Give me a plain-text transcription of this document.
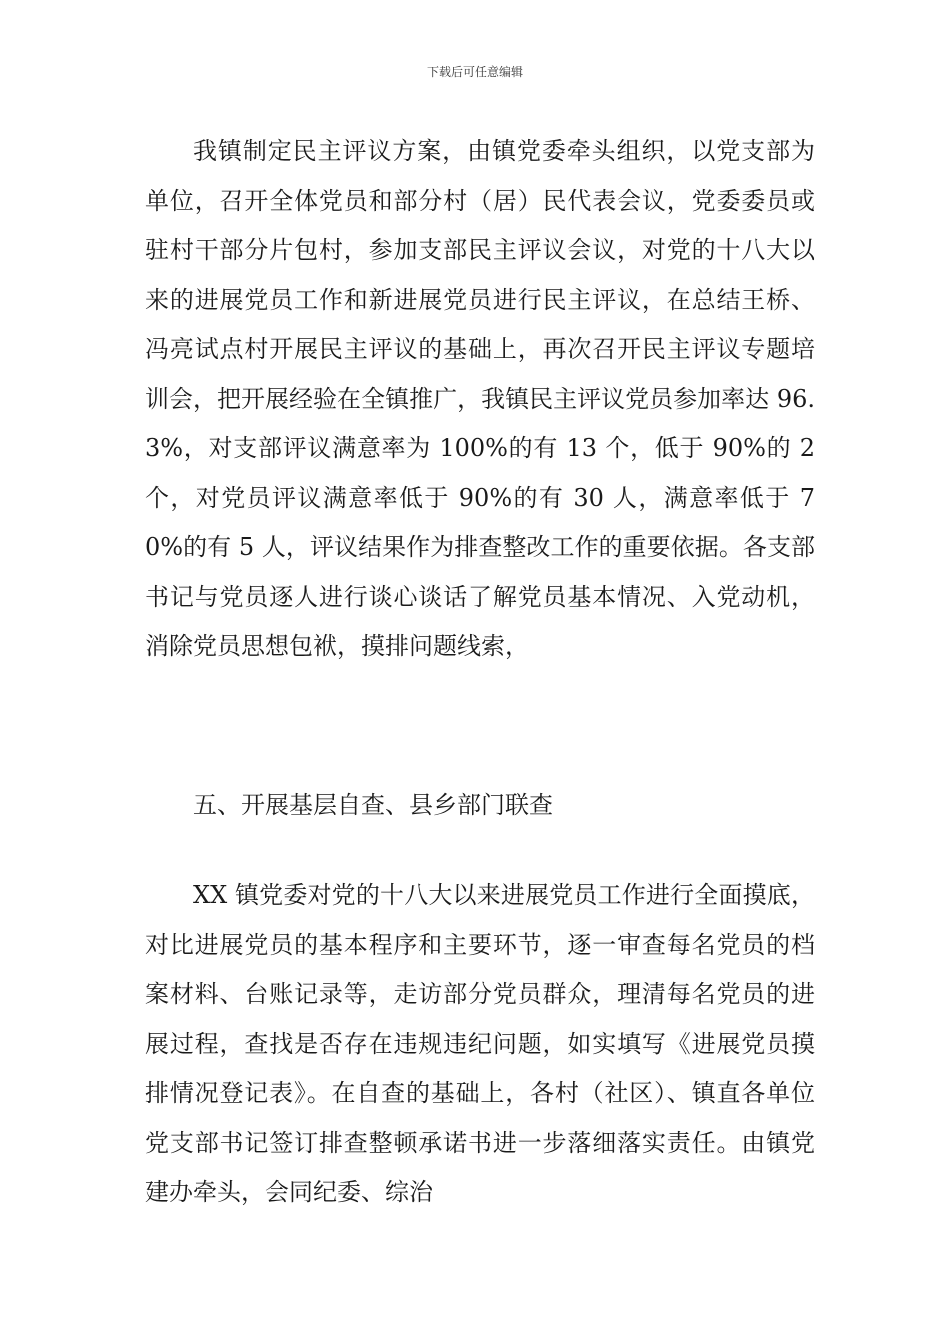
下载后可任意编辑

我镇制定民主评议方案，由镇党委牵头组织，以党支部为单位，召开全体党员和部分村（居）民代表会议，党委委员或驻村干部分片包村，参加支部民主评议会议，对党的十八大以来的进展党员工作和新进展党员进行民主评议，在总结王桥、冯亮试点村开展民主评议的基础上，再次召开民主评议专题培训会，把开展经验在全镇推广，我镇民主评议党员参加率达 96.3%，对支部评议满意率为 100%的有 13 个，低于 90%的 2 个，对党员评议满意率低于 90%的有 30 人，满意率低于 70%的有 5 人，评议结果作为排查整改工作的重要依据。各支部书记与党员逐人进行谈心谈话了解党员基本情况、入党动机，消除党员思想包袱，摸排问题线索，

五、开展基层自查、县乡部门联查

XX 镇党委对党的十八大以来进展党员工作进行全面摸底，对比进展党员的基本程序和主要环节，逐一审查每名党员的档案材料、台账记录等，走访部分党员群众，理清每名党员的进展过程，查找是否存在违规违纪问题，如实填写《进展党员摸排情况登记表》。在自查的基础上，各村（社区）、镇直各单位党支部书记签订排查整顿承诺书进一步落细落实责任。由镇党建办牵头，会同纪委、综治
